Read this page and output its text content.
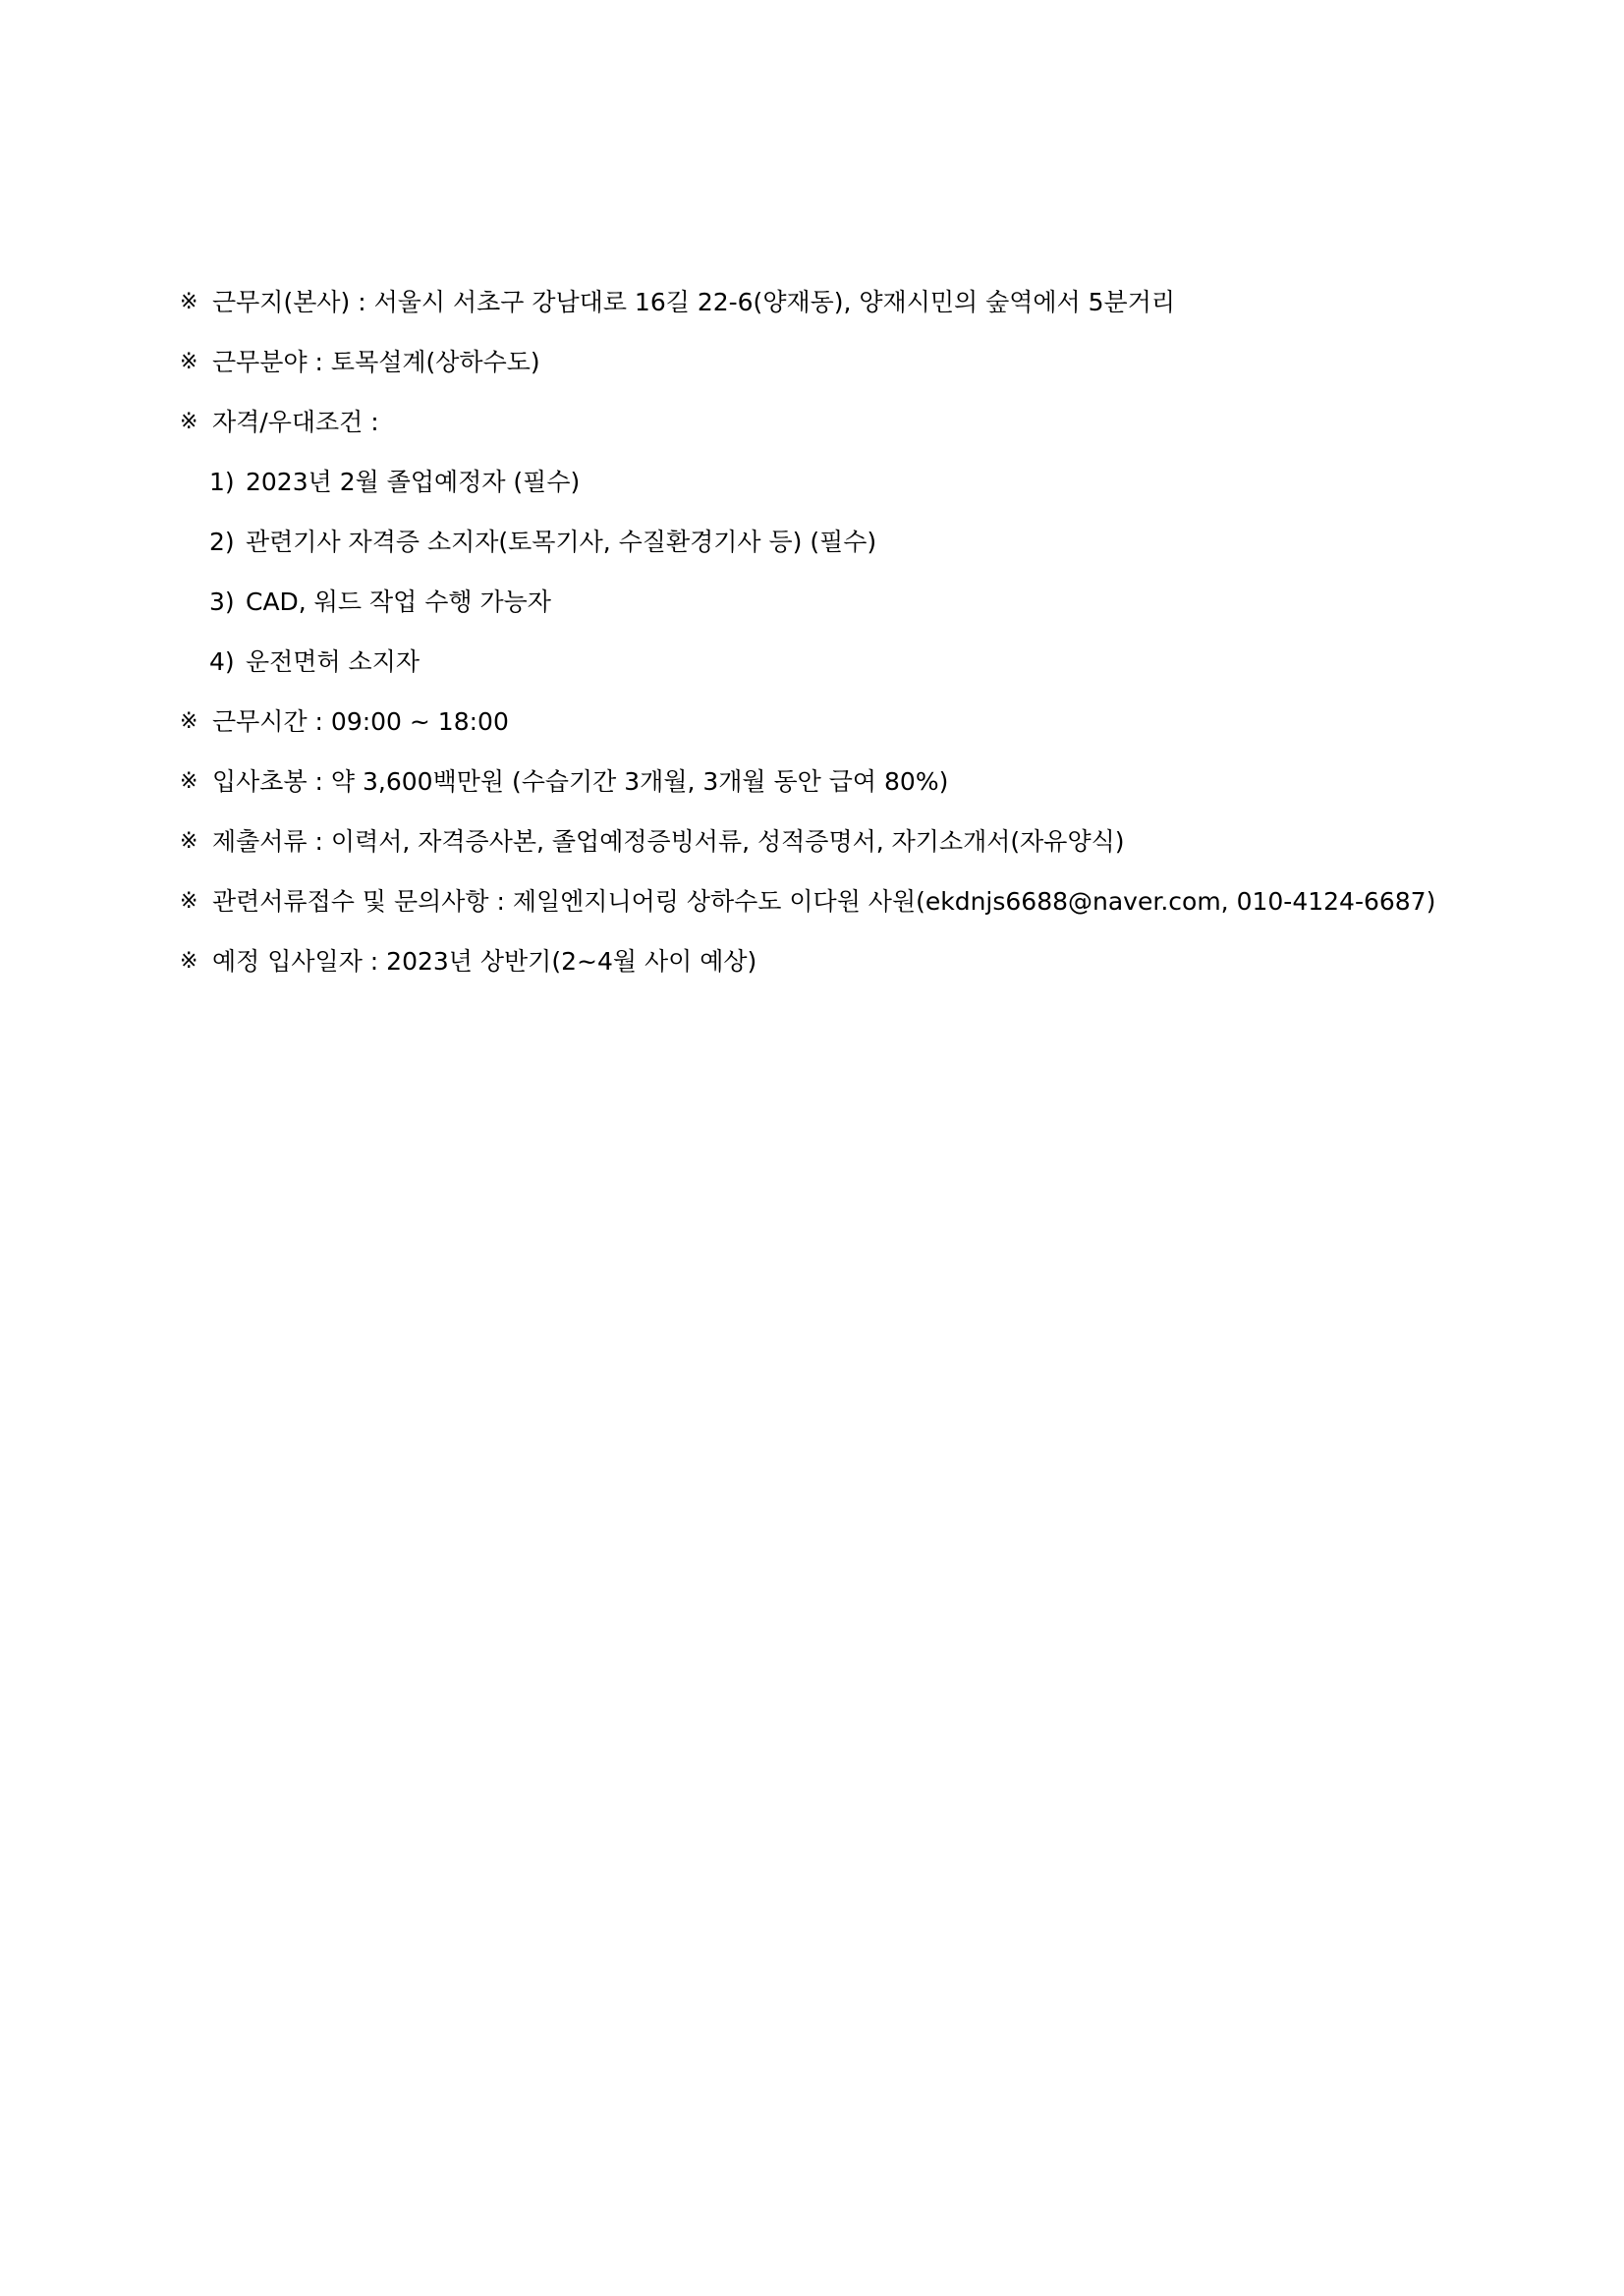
※ 근무지(본사) : 서울시 서초구 강남대로 16길 22-6(양재동), 양재시민의 숲역에서 5분거리
※ 근무분야 : 토목설계(상하수도)
※ 자격/우대조건 :
1) 2023년 2월 졸업예정자 (필수)
2) 관련기사 자격증 소지자(토목기사, 수질환경기사 등) (필수)
3) CAD, 워드 작업 수행 가능자
4) 운전면허 소지자
※ 근무시간 : 09:00 ~ 18:00
※ 입사초봉 : 약 3,600백만원 (수습기간 3개월, 3개월 동안 급여 80%)
※ 제출서류 : 이력서, 자격증사본, 졸업예정증빙서류, 성적증명서, 자기소개서(자유양식)
※ 관련서류접수 및 문의사항 : 제일엔지니어링 상하수도 이다원 사원(ekdnjs6688@naver.com, 010-4124-6687)
※ 예정 입사일자 : 2023년 상반기(2~4월 사이 예상)
